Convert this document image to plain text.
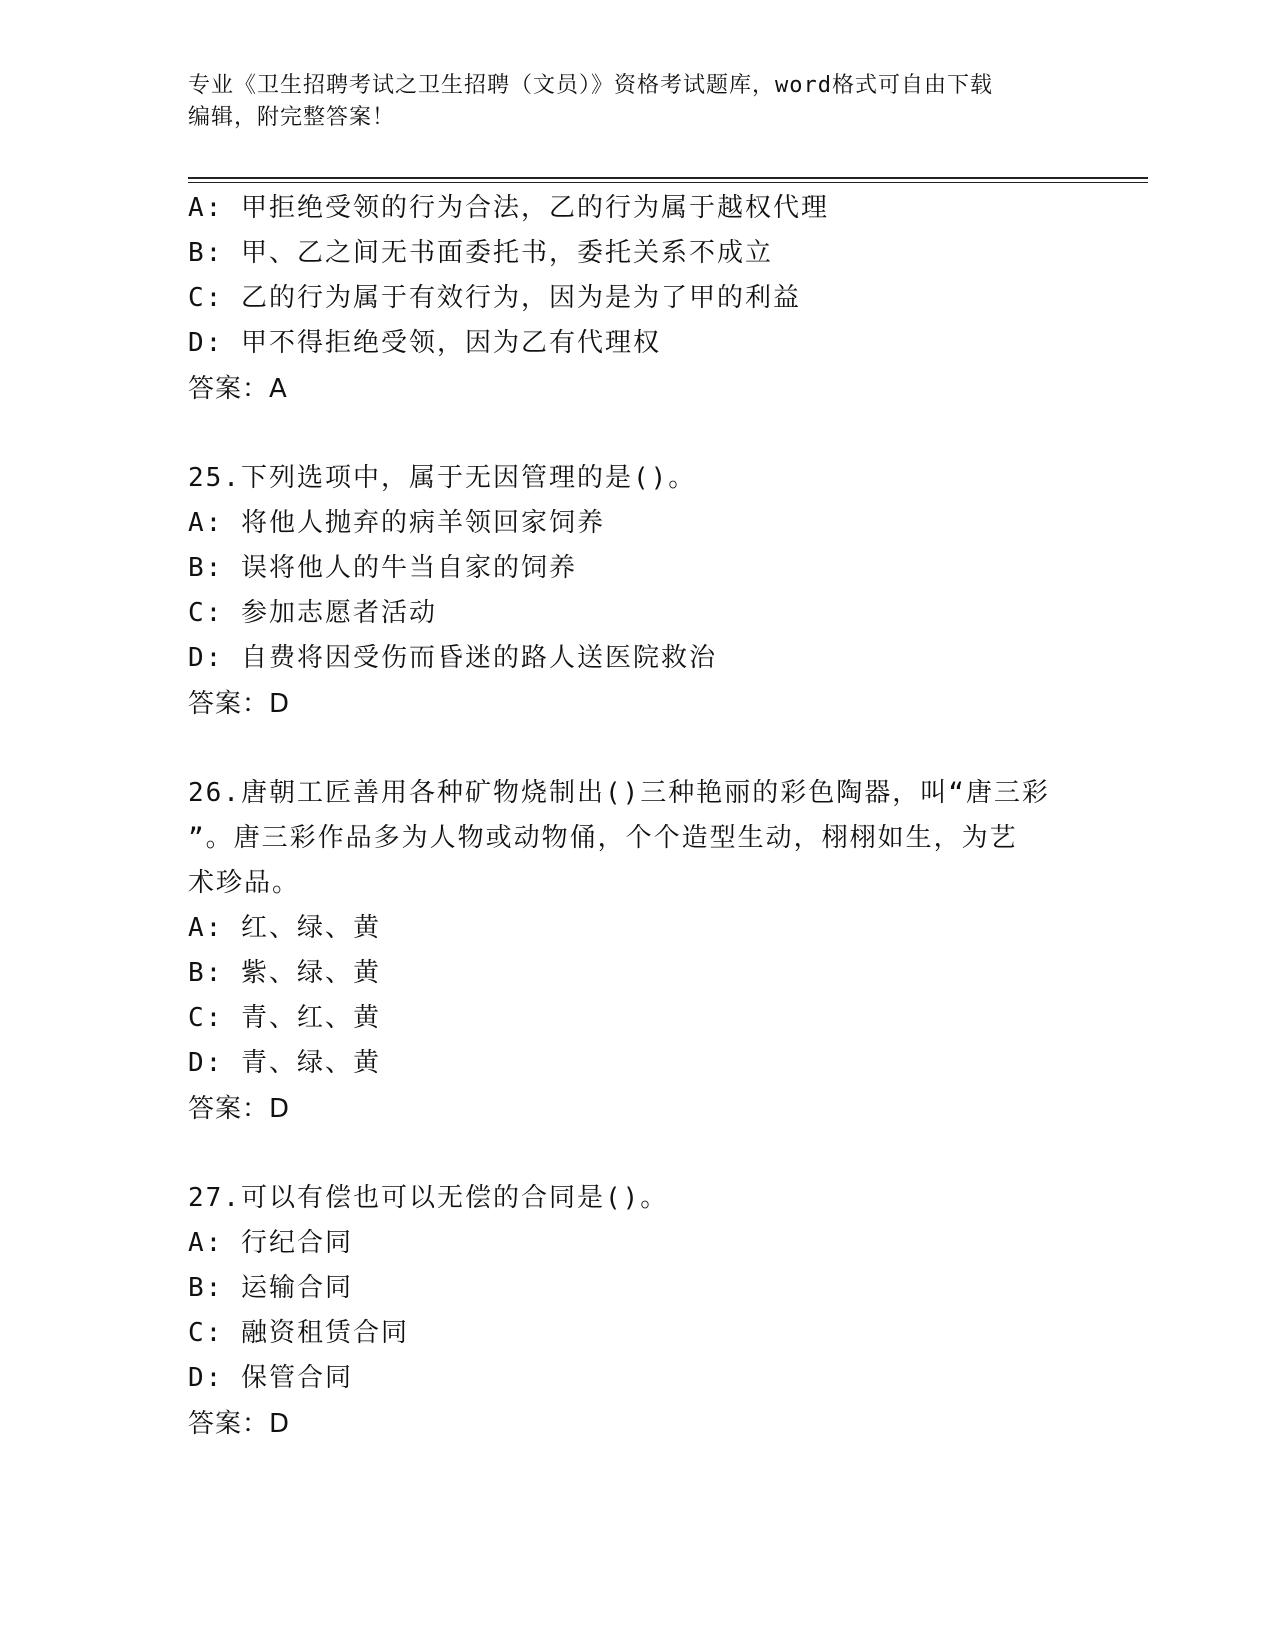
专业《卫生招聘考试之卫生招聘（文员）》资格考试题库，word格式可自由下载
编辑，附完整答案！
A: 甲拒绝受领的行为合法，乙的行为属于越权代理
B: 甲、乙之间无书面委托书，委托关系不成立
C: 乙的行为属于有效行为，因为是为了甲的利益
D: 甲不得拒绝受领，因为乙有代理权
答案：A
25.下列选项中，属于无因管理的是()。
A: 将他人抛弃的病羊领回家饲养
B: 误将他人的牛当自家的饲养
C: 参加志愿者活动
D: 自费将因受伤而昏迷的路人送医院救治
答案：D
26.唐朝工匠善用各种矿物烧制出()三种艳丽的彩色陶器，叫“唐三彩
”。唐三彩作品多为人物或动物俑，个个造型生动，栩栩如生，为艺
术珍品。
A: 红、绿、黄
B: 紫、绿、黄
C: 青、红、黄
D: 青、绿、黄
答案：D
27.可以有偿也可以无偿的合同是()。
A: 行纪合同
B: 运输合同
C: 融资租赁合同
D: 保管合同
答案：D
